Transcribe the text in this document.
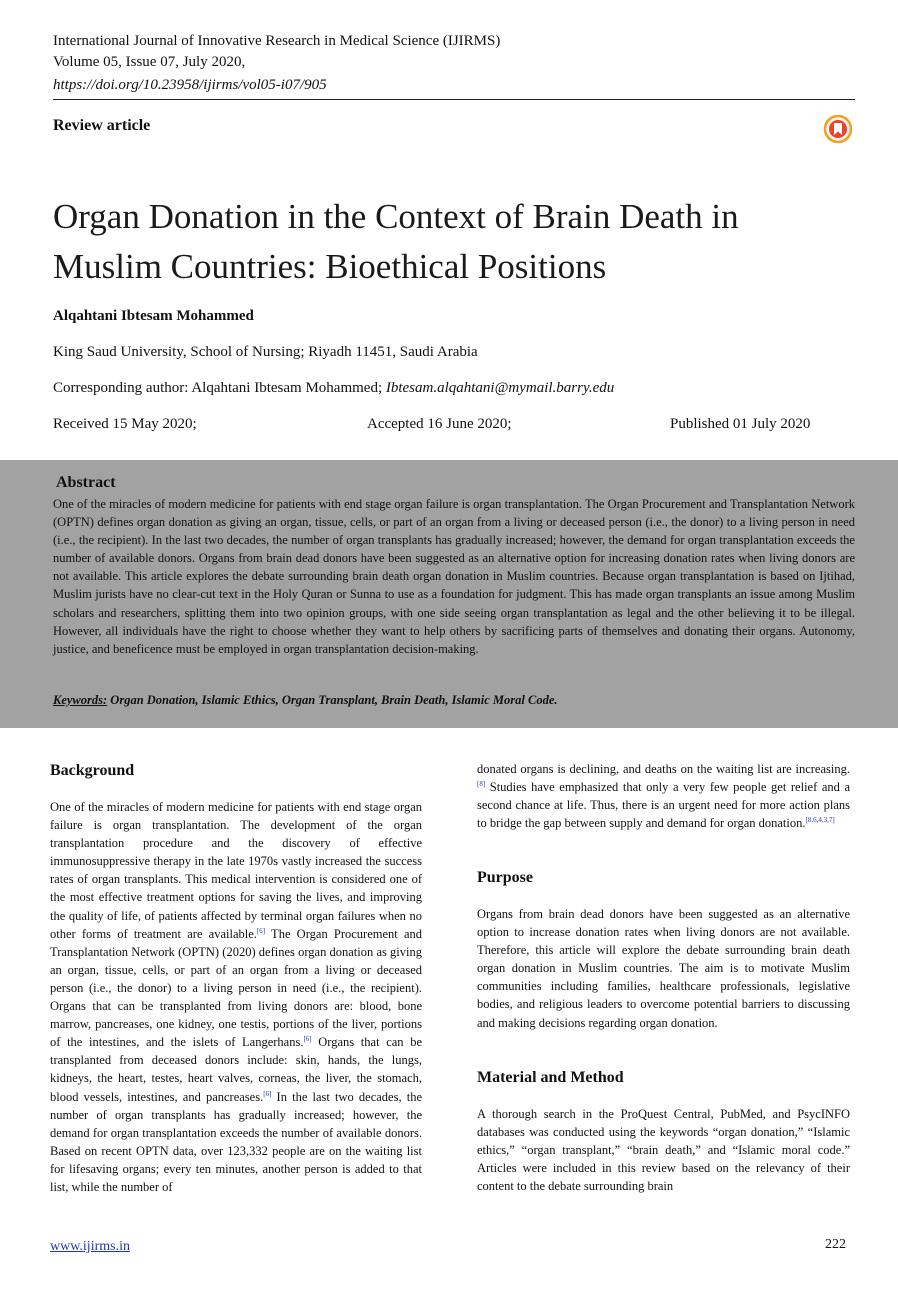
International Journal of Innovative Research in Medical Science (IJIRMS)
Volume 05, Issue 07, July 2020,
https://doi.org/10.23958/ijirms/vol05-i07/905
Review article
Organ Donation in the Context of Brain Death in
Muslim Countries: Bioethical Positions
Alqahtani Ibtesam Mohammed
King Saud University, School of Nursing; Riyadh 11451, Saudi Arabia
Corresponding author: Alqahtani Ibtesam Mohammed; Ibtesam.alqahtani@mymail.barry.edu
Received 15 May 2020;	Accepted 16 June 2020;	Published 01 July 2020
Abstract
One of the miracles of modern medicine for patients with end stage organ failure is organ transplantation. The Organ Procurement and Transplantation Network (OPTN) defines organ donation as giving an organ, tissue, cells, or part of an organ from a living or deceased person (i.e., the donor) to a living person in need (i.e., the recipient). In the last two decades, the number of organ transplants has gradually increased; however, the demand for organ transplantation exceeds the number of available donors. Organs from brain dead donors have been suggested as an alternative option for increasing donation rates when living donors are not available. This article explores the debate surrounding brain death organ donation in Muslim countries. Because organ transplantation is based on Ijtihad, Muslim jurists have no clear-cut text in the Holy Quran or Sunna to use as a foundation for judgment. This has made organ transplants an issue among Muslim scholars and researchers, splitting them into two opinion groups, with one side seeing organ transplantation as legal and the other believing it to be illegal. However, all individuals have the right to choose whether they want to help others by sacrificing parts of themselves and donating their organs. Autonomy, justice, and beneficence must be employed in organ transplantation decision-making.
Keywords: Organ Donation, Islamic Ethics, Organ Transplant, Brain Death, Islamic Moral Code.
Background

One of the miracles of modern medicine for patients with end stage organ failure is organ transplantation. The development of the organ transplantation procedure and the discovery of effective immunosuppressive therapy in the late 1970s vastly increased the success rates of organ transplants. This medical intervention is considered one of the most effective treatment options for saving the lives, and improving the quality of life, of patients affected by terminal organ failures when no other forms of treatment are available.[6] The Organ Procurement and Transplantation Network (OPTN) (2020) defines organ donation as giving an organ, tissue, cells, or part of an organ from a living or deceased person (i.e., the donor) to a living person in need (i.e., the recipient). Organs that can be transplanted from living donors are: blood, bone marrow, pancreases, one kidney, one testis, portions of the liver, portions of the intestines, and the islets of Langerhans.[6] Organs that can be transplanted from deceased donors include: skin, hands, the lungs, kidneys, the heart, testes, heart valves, corneas, the liver, the stomach, blood vessels, intestines, and pancreases.[6] In the last two decades, the number of organ transplants has gradually increased; however, the demand for organ transplantation exceeds the number of available donors. Based on recent OPTN data, over 123,332 people are on the waiting list for lifesaving organs; every ten minutes, another person is added to that list, while the number of

donated organs is declining, and deaths on the waiting list are increasing.[8] Studies have emphasized that only a very few people get relief and a second chance at life. Thus, there is an urgent need for more action plans to bridge the gap between supply and demand for organ donation.[8,6,4,3,7]

Purpose
Organs from brain dead donors have been suggested as an alternative option to increase donation rates when living donors are not available. Therefore, this article will explore the debate surrounding brain death organ donation in Muslim countries. The aim is to motivate Muslim communities including families, healthcare professionals, legislative bodies, and religious leaders to overcome potential barriers to discussing and making decisions regarding organ donation.
Material and Method
A thorough search in the ProQuest Central, PubMed, and PsycINFO databases was conducted using the keywords “organ donation,” “Islamic ethics,” “organ transplant,” “brain death,” and “Islamic moral code.” Articles were included in this review based on the relevancy of their content to the debate surrounding brain
www.ijirms.in	222
